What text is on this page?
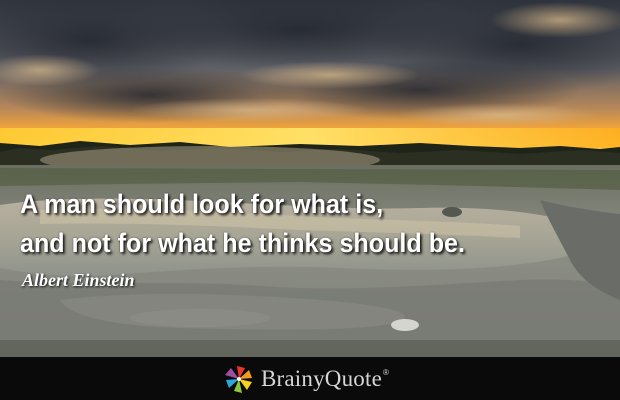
A man should look for what is,
and not for what he thinks should be.
Albert Einstein
BrainyQuote ®
